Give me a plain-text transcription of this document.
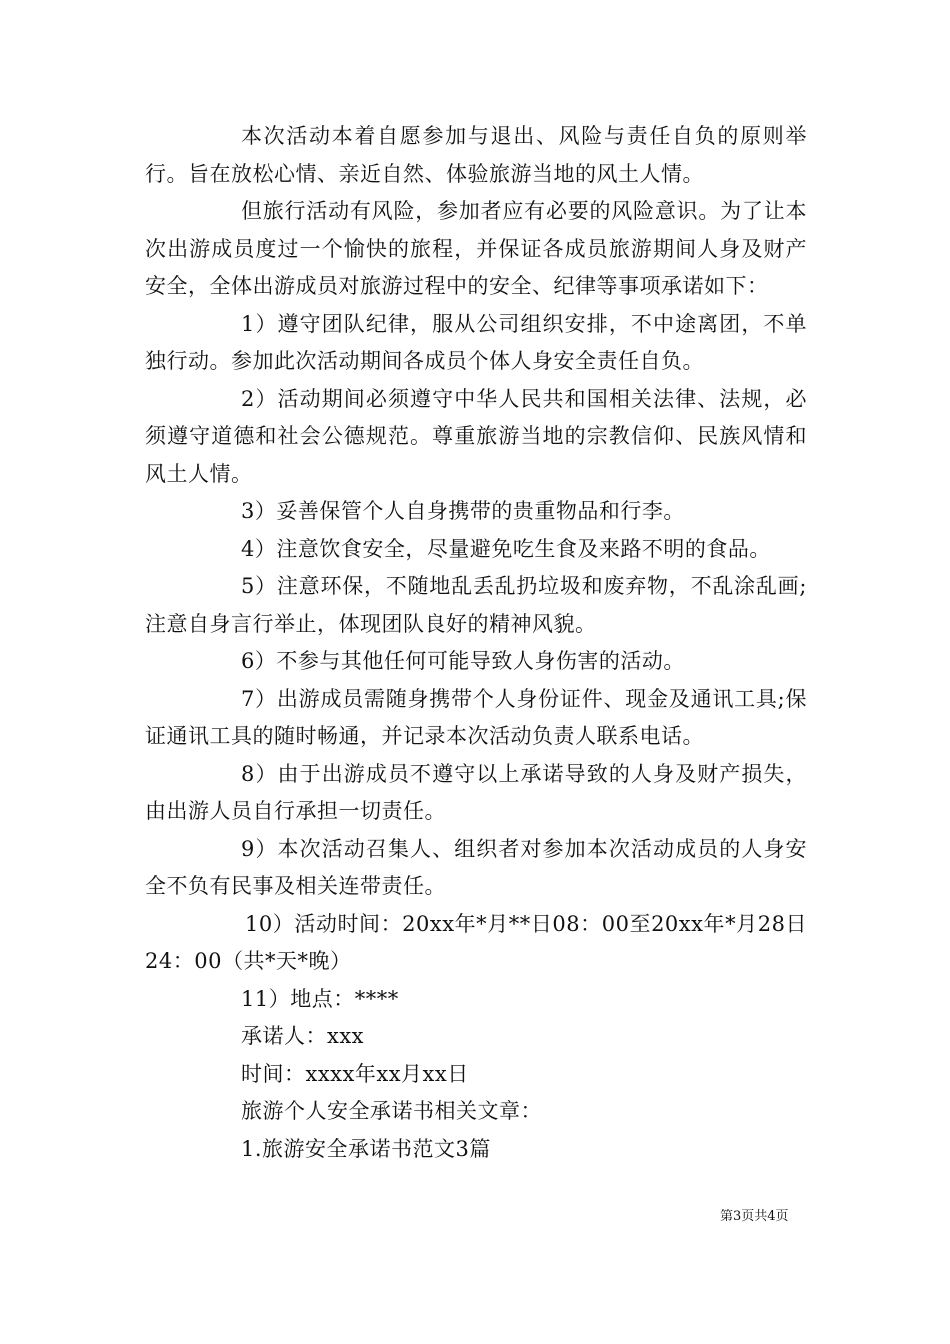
本次活动本着自愿参加与退出、风险与责任自负的原则举行。旨在放松心情、亲近自然、体验旅游当地的风土人情。

但旅行活动有风险，参加者应有必要的风险意识。为了让本次出游成员度过一个愉快的旅程，并保证各成员旅游期间人身及财产安全，全体出游成员对旅游过程中的安全、纪律等事项承诺如下：

1）遵守团队纪律，服从公司组织安排，不中途离团，不单独行动。参加此次活动期间各成员个体人身安全责任自负。

2）活动期间必须遵守中华人民共和国相关法律、法规，必须遵守道德和社会公德规范。尊重旅游当地的宗教信仰、民族风情和风土人情。

3）妥善保管个人自身携带的贵重物品和行李。

4）注意饮食安全，尽量避免吃生食及来路不明的食品。

5）注意环保，不随地乱丢乱扔垃圾和废弃物，不乱涂乱画;注意自身言行举止，体现团队良好的精神风貌。

6）不参与其他任何可能导致人身伤害的活动。

7）出游成员需随身携带个人身份证件、现金及通讯工具;保证通讯工具的随时畅通，并记录本次活动负责人联系电话。

8）由于出游成员不遵守以上承诺导致的人身及财产损失，由出游人员自行承担一切责任。

9）本次活动召集人、组织者对参加本次活动成员的人身安全不负有民事及相关连带责任。

10）活动时间：20xx年*月**日08：00至20xx年*月28日24：00（共*天*晚）

11）地点：****

承诺人：xxx

时间：xxxx年xx月xx日

旅游个人安全承诺书相关文章：

1.旅游安全承诺书范文3篇

第3页共4页
